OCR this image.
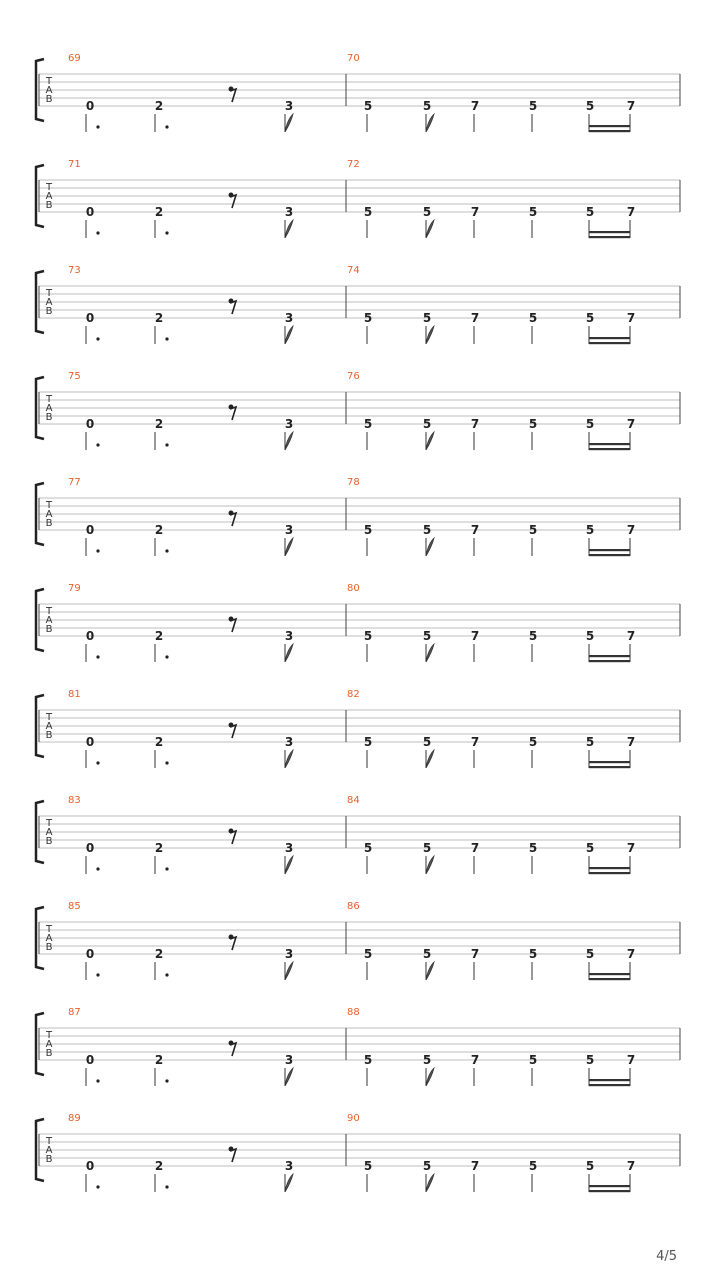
T
A
B
69
0	2	3
70
5	5	7	5	5	7
T
A
B
71
0	2	3
72
5	5	7	5	5	7
T
A
B
73
0	2	3
74
5	5	7	5	5	7
T
A
B
75
0	2	3
76
5	5	7	5	5	7
T
A
B
77
0	2	3
78
5	5	7	5	5	7
T
A
B
79
0	2	3
80
5	5	7	5	5	7
T
A
B
81
0	2	3
82
5	5	7	5	5	7
T
A
B
83
0	2	3
84
5	5	7	5	5	7
T
A
B
85
0	2	3
86
5	5	7	5	5	7
T
A
B
87
0	2	3
88
5	5	7	5	5	7
T
A
B
89
0	2	3
90
5	5	7	5	5	7
4/5
